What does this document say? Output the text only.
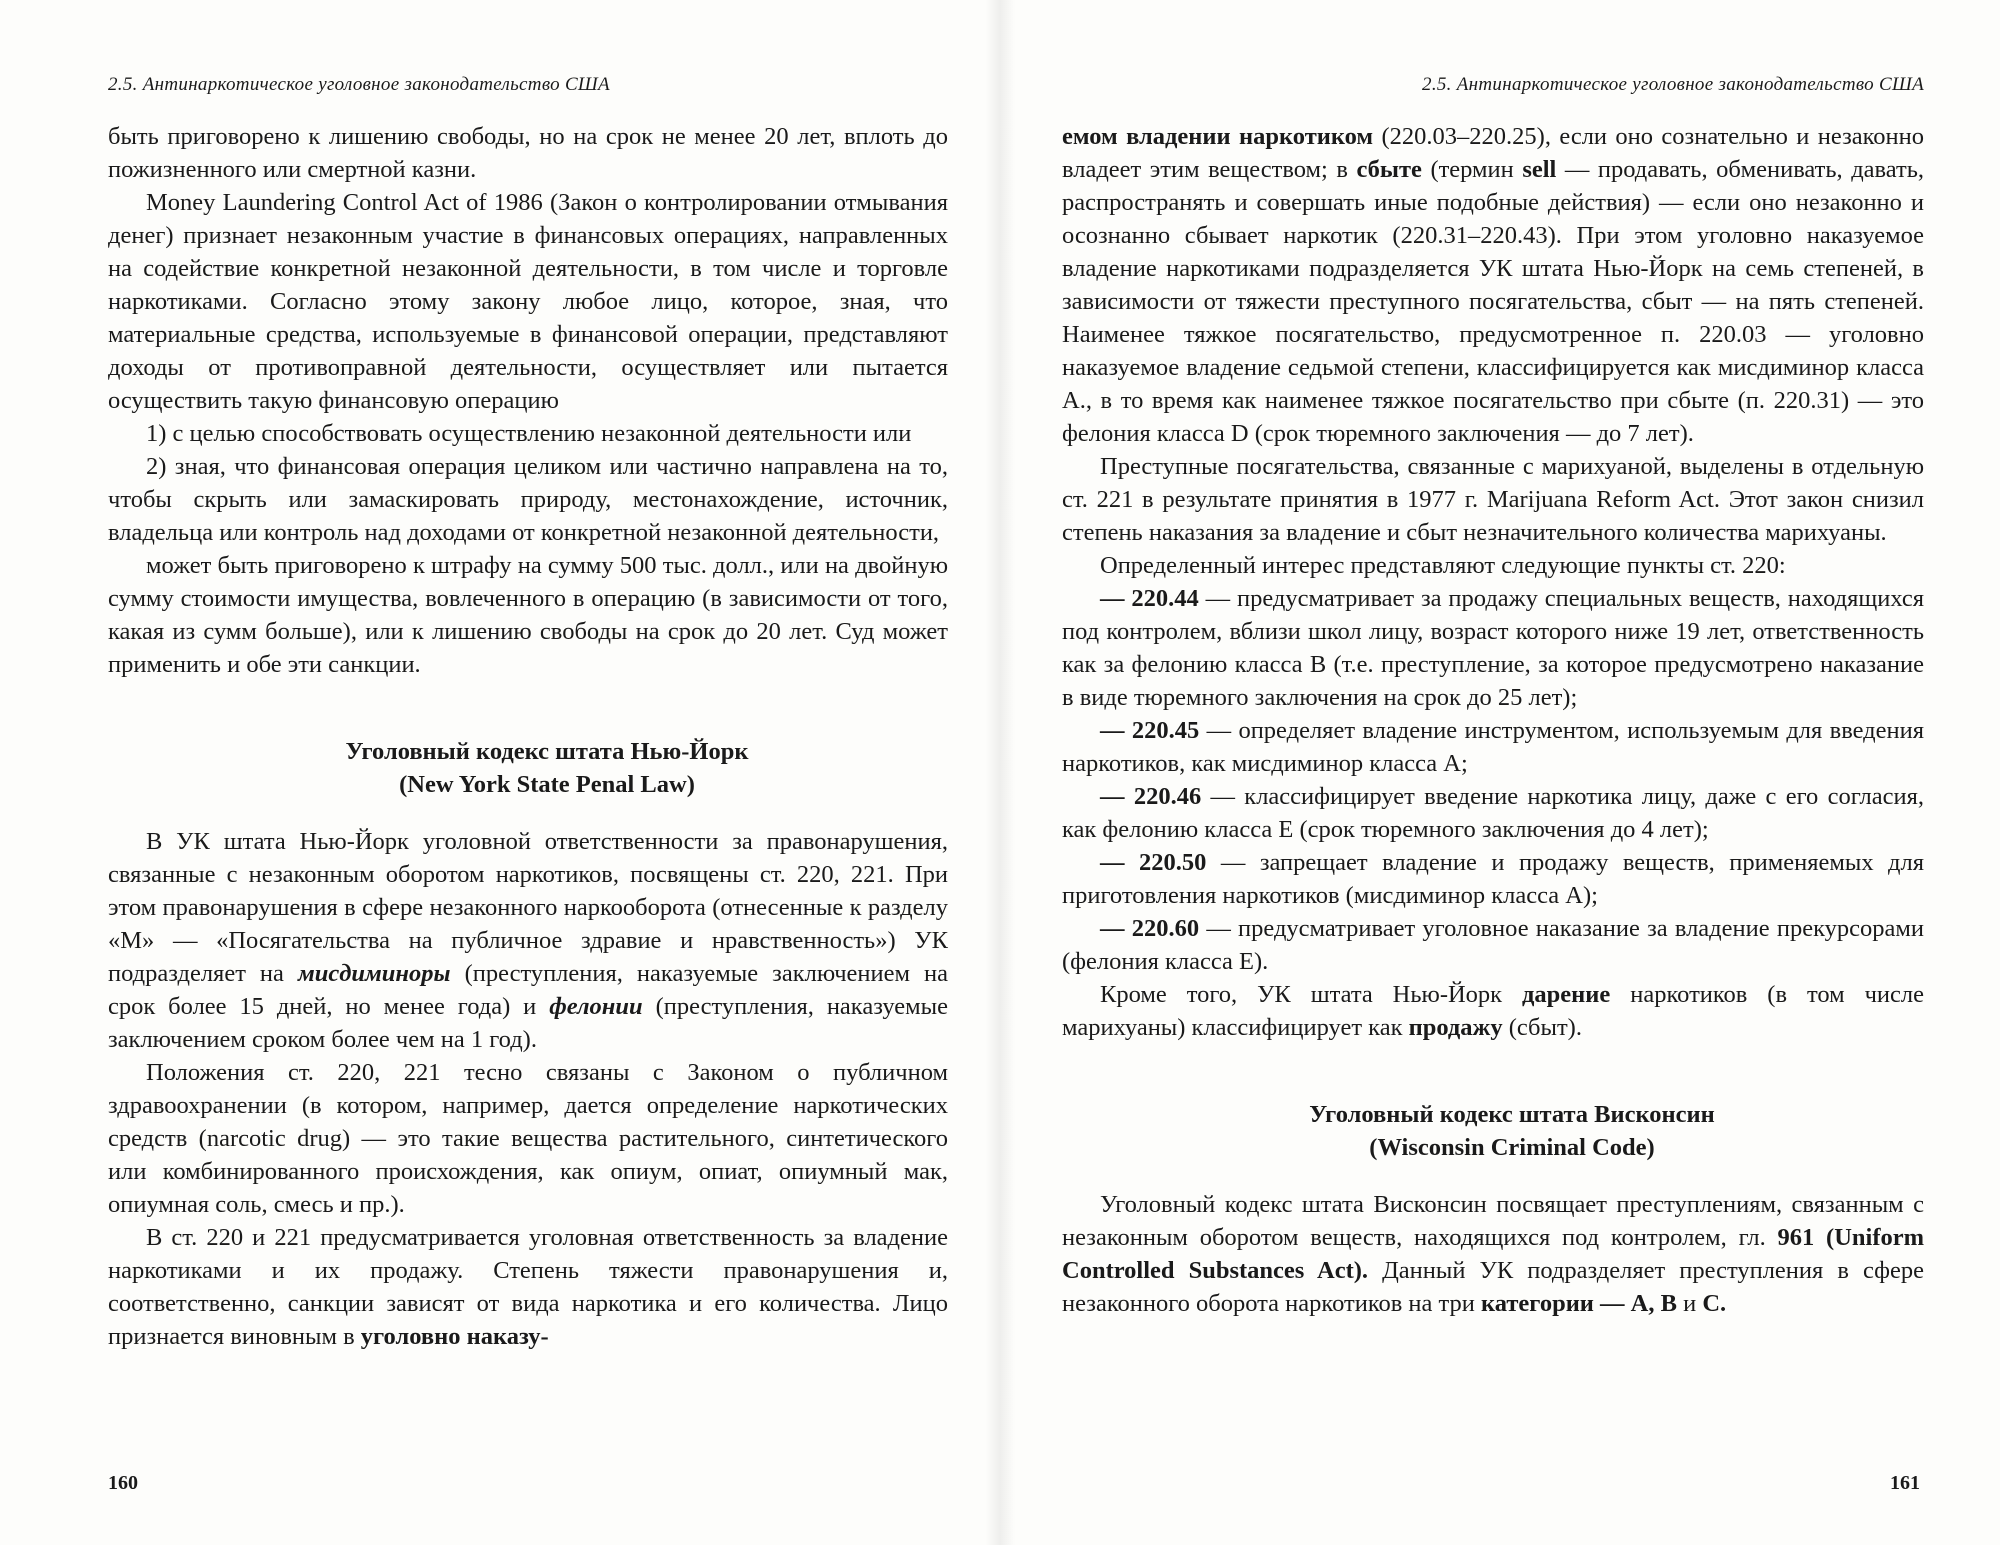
2.5. Антинаркотическое уголовное законодательство США

быть приговорено к лишению свободы, но на срок не менее 20 лет, вплоть до пожизненного или смертной казни.

Money Laundering Control Act of 1986 (Закон о контролировании отмывания денег) признает незаконным участие в финансовых операциях, направленных на содействие конкретной незаконной деятельности, в том числе и торговле наркотиками. Согласно этому закону любое лицо, которое, зная, что материальные средства, используемые в финансовой операции, представляют доходы от противоправной деятельности, осуществляет или пытается осуществить такую финансовую операцию

1) с целью способствовать осуществлению незаконной деятельности или

2) зная, что финансовая операция целиком или частично направлена на то, чтобы скрыть или замаскировать природу, местонахождение, источник, владельца или контроль над доходами от конкретной незаконной деятельности,

может быть приговорено к штрафу на сумму 500 тыс. долл., или на двойную сумму стоимости имущества, вовлеченного в операцию (в зависимости от того, какая из сумм больше), или к лишению свободы на срок до 20 лет. Суд может применить и обе эти санкции.

Уголовный кодекс штата Нью-Йорк

(New York State Penal Law)

В УК штата Нью-Йорк уголовной ответственности за правонарушения, связанные с незаконным оборотом наркотиков, посвящены ст. 220, 221. При этом правонарушения в сфере незаконного наркооборота (отнесенные к разделу «М» — «Посягательства на публичное здравие и нравственность») УК подразделяет на мисдиминоры (преступления, наказуемые заключением на срок более 15 дней, но менее года) и фелонии (преступления, наказуемые заключением сроком более чем на 1 год).

Положения ст. 220, 221 тесно связаны с Законом о публичном здравоохранении (в котором, например, дается определение наркотических средств (narcotic drug) — это такие вещества растительного, синтетического или комбинированного происхождения, как опиум, опиат, опиумный мак, опиумная соль, смесь и пр.).

В ст. 220 и 221 предусматривается уголовная ответственность за владение наркотиками и их продажу. Степень тяжести правонарушения и, соответственно, санкции зависят от вида наркотика и его количества. Лицо признается виновным в уголовно наказу-

160
2.5. Антинаркотическое уголовное законодательство США

емом владении наркотиком (220.03–220.25), если оно сознательно и незаконно владеет этим веществом; в сбыте (термин sell — продавать, обменивать, давать, распространять и совершать иные подобные действия) — если оно незаконно и осознанно сбывает наркотик (220.31–220.43). При этом уголовно наказуемое владение наркотиками подразделяется УК штата Нью-Йорк на семь степеней, в зависимости от тяжести преступного посягательства, сбыт — на пять степеней. Наименее тяжкое посягательство, предусмотренное п. 220.03 — уголовно наказуемое владение седьмой степени, классифицируется как мисдиминор класса А., в то время как наименее тяжкое посягательство при сбыте (п. 220.31) — это фелония класса D (срок тюремного заключения — до 7 лет).

Преступные посягательства, связанные с марихуаной, выделены в отдельную ст. 221 в результате принятия в 1977 г. Marijuana Reform Act. Этот закон снизил степень наказания за владение и сбыт незначительного количества марихуаны.

Определенный интерес представляют следующие пункты ст. 220:

— 220.44 — предусматривает за продажу специальных веществ, находящихся под контролем, вблизи школ лицу, возраст которого ниже 19 лет, ответственность как за фелонию класса В (т.е. преступление, за которое предусмотрено наказание в виде тюремного заключения на срок до 25 лет);

— 220.45 — определяет владение инструментом, используемым для введения наркотиков, как мисдиминор класса А;

— 220.46 — классифицирует введение наркотика лицу, даже с его согласия, как фелонию класса Е (срок тюремного заключения до 4 лет);

— 220.50 — запрещает владение и продажу веществ, применяемых для приготовления наркотиков (мисдиминор класса А);

— 220.60 — предусматривает уголовное наказание за владение прекурсорами (фелония класса Е).

Кроме того, УК штата Нью-Йорк дарение наркотиков (в том числе марихуаны) классифицирует как продажу (сбыт).

Уголовный кодекс штата Висконсин

(Wisconsin Criminal Code)

Уголовный кодекс штата Висконсин посвящает преступлениям, связанным с незаконным оборотом веществ, находящихся под контролем, гл. 961 (Uniform Controlled Substances Act). Данный УК подразделяет преступления в сфере незаконного оборота наркотиков на три категории — А, В и С.

161
